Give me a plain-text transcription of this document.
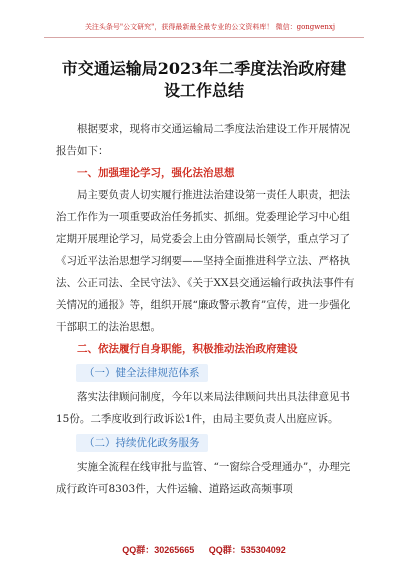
关注头条号"公文研究"，获得最新最全最专业的公文资料库！ 微信：gongwenxj
市交通运输局2023年二季度法治政府建
设工作总结

根据要求，现将市交通运输局二季度法治建设工作开展情况报告如下：

一、加强理论学习，强化法治思想

局主要负责人切实履行推进法治建设第一责任人职责，把法治工作作为一项重要政治任务抓实、抓细。党委理论学习中心组定期开展理论学习，局党委会上由分管副局长领学，重点学习了《习近平法治思想学习纲要——坚持全面推进科学立法、严格执法、公正司法、全民守法》、《关于XX县交通运输行政执法事件有关情况的通报》等，组织开展“廉政警示教育”宣传，进一步强化干部职工的法治思想。

二、依法履行自身职能，积极推动法治政府建设

（一）健全法律规范体系

落实法律顾问制度，今年以来局法律顾问共出具法律意见书15份。二季度收到行政诉讼1件，由局主要负责人出庭应诉。

（二）持续优化政务服务

实施全流程在线审批与监管、“一窗综合受理通办”，办理完成行政许可8303件，大件运输、道路运政高频事项

QQ群：30265665 QQ群：535304092
